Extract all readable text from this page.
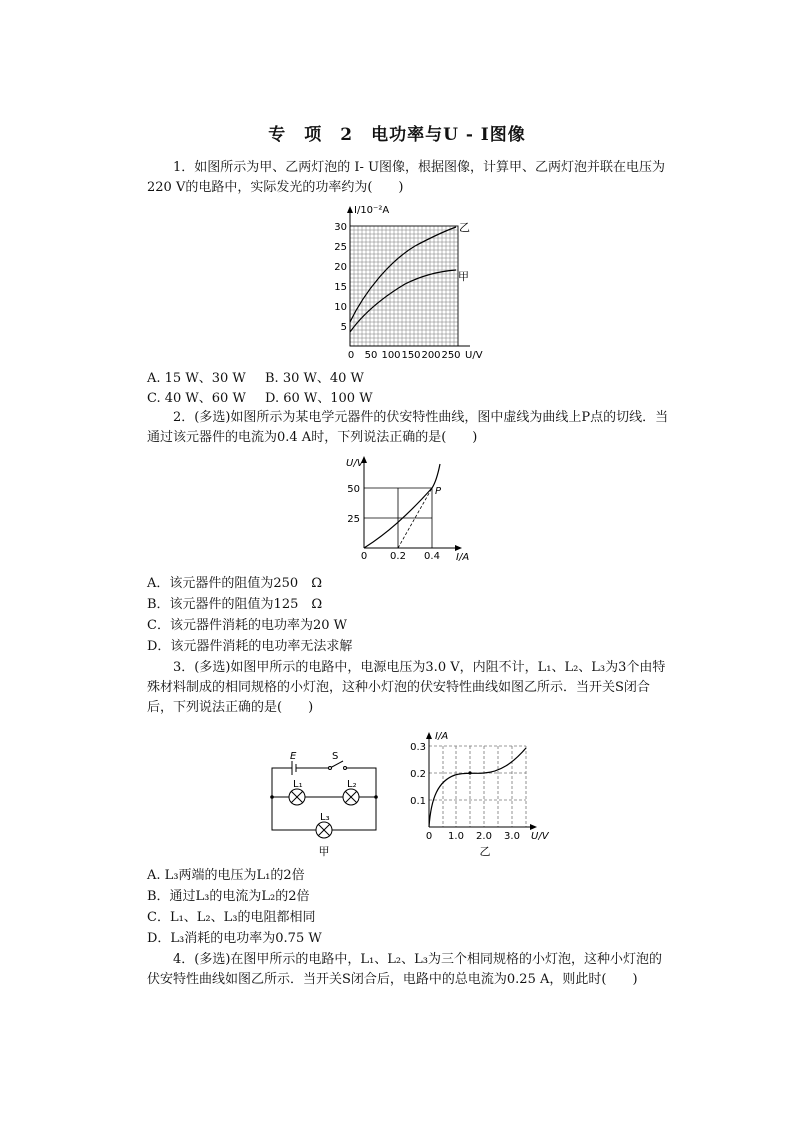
专　项　2　电功率与U - I图像

1．如图所示为甲、乙两灯泡的 I- U图像，根据图像，计算甲、乙两灯泡并联在电压为220 V的电路中，实际发光的功率约为(　　)

I/10⁻²A
乙
甲
30
25
20
10
15
5
0 50 100 150 200 250 U/V

A. 15 W、30 W B. 30 W、40 W

C. 40 W、60 W D. 60 W、100 W

2．(多选)如图所示为某电学元器件的伏安特性曲线，图中虚线为曲线上P点的切线．当通过该元器件的电流为0.4 A时，下列说法正确的是(　　)

U/V
50
25
0 0.2 0.4 I/A
P

A．该元器件的阻值为250　Ω

B．该元器件的阻值为125　Ω

C．该元器件消耗的电功率为20 W

D．该元器件消耗的电功率无法求解

3．(多选)如图甲所示的电路中，电源电压为3.0 V，内阻不计，L₁、L₂、L₃为3个由特殊材料制成的相同规格的小灯泡，这种小灯泡的伏安特性曲线如图乙所示．当开关S闭合后，下列说法正确的是(　　)

E	S
L₁	L₂
L₃
甲
I/A
0.3
0.2
0.1
0 1.0 2.0 3.0 U/V
乙

A. L₃两端的电压为L₁的2倍

B．通过L₃的电流为L₂的2倍

C．L₁、L₂、L₃的电阻都相同

D．L₃消耗的电功率为0.75 W

4．(多选)在图甲所示的电路中，L₁、L₂、L₃为三个相同规格的小灯泡，这种小灯泡的伏安特性曲线如图乙所示．当开关S闭合后，电路中的总电流为0.25 A，则此时(　　)
